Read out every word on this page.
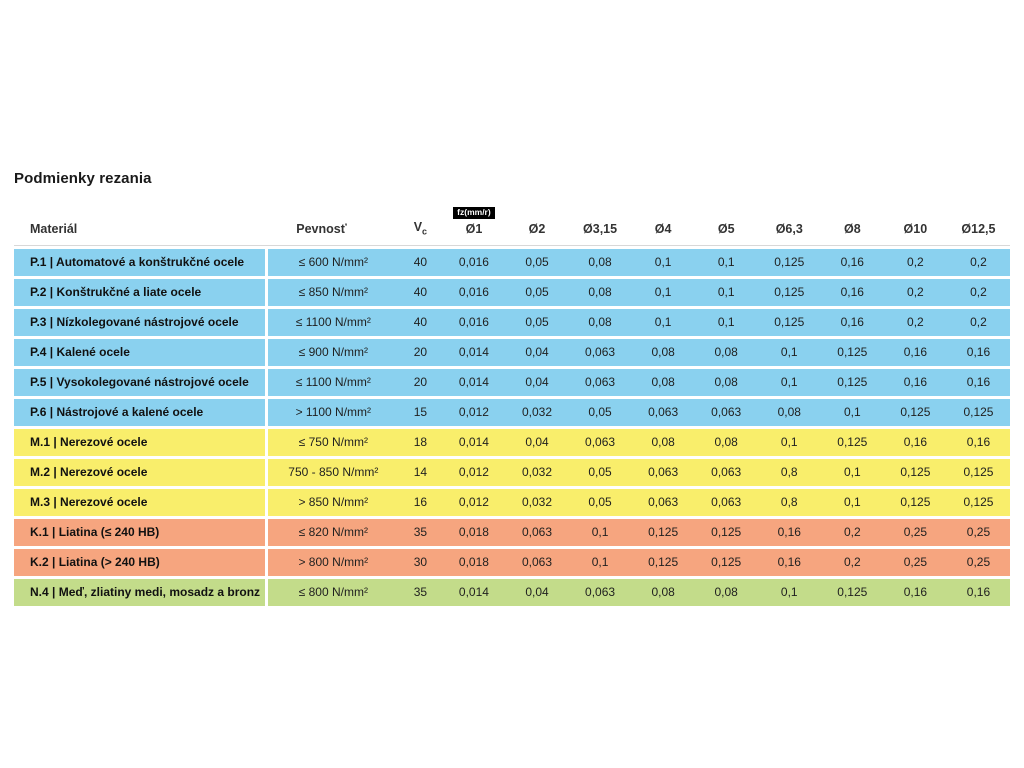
Podmienky rezania
Materiál	Pevnosť	$V_c$	fz(mm/r)
Ø1	Ø2	Ø3,15	Ø4	Ø5	Ø6,3	Ø8	Ø10	Ø12,5
P.1 | Automatové a konštrukčné ocele	≤ 600 N/mm²	40	0,016	0,05	0,08	0,1	0,1	0,125	0,16	0,2	0,2
P.2 | Konštrukčné a liate ocele	≤ 850 N/mm²	40	0,016	0,05	0,08	0,1	0,1	0,125	0,16	0,2	0,2
P.3 | Nízkolegované nástrojové ocele	≤ 1100 N/mm²	40	0,016	0,05	0,08	0,1	0,1	0,125	0,16	0,2	0,2
P.4 | Kalené ocele	≤ 900 N/mm²	20	0,014	0,04	0,063	0,08	0,08	0,1	0,125	0,16	0,16
P.5 | Vysokolegované nástrojové ocele	≤ 1100 N/mm²	20	0,014	0,04	0,063	0,08	0,08	0,1	0,125	0,16	0,16
P.6 | Nástrojové a kalené ocele	> 1100 N/mm²	15	0,012	0,032	0,05	0,063	0,063	0,08	0,1	0,125	0,125
M.1 | Nerezové ocele	≤ 750 N/mm²	18	0,014	0,04	0,063	0,08	0,08	0,1	0,125	0,16	0,16
M.2 | Nerezové ocele	750 - 850 N/mm²	14	0,012	0,032	0,05	0,063	0,063	0,8	0,1	0,125	0,125
M.3 | Nerezové ocele	> 850 N/mm²	16	0,012	0,032	0,05	0,063	0,063	0,8	0,1	0,125	0,125
K.1 | Liatina (≤ 240 HB)	≤ 820 N/mm²	35	0,018	0,063	0,1	0,125	0,125	0,16	0,2	0,25	0,25
K.2 | Liatina (> 240 HB)	> 800 N/mm²	30	0,018	0,063	0,1	0,125	0,125	0,16	0,2	0,25	0,25
N.4 | Meď, zliatiny medi, mosadz a bronz	≤ 800 N/mm²	35	0,014	0,04	0,063	0,08	0,08	0,1	0,125	0,16	0,16
